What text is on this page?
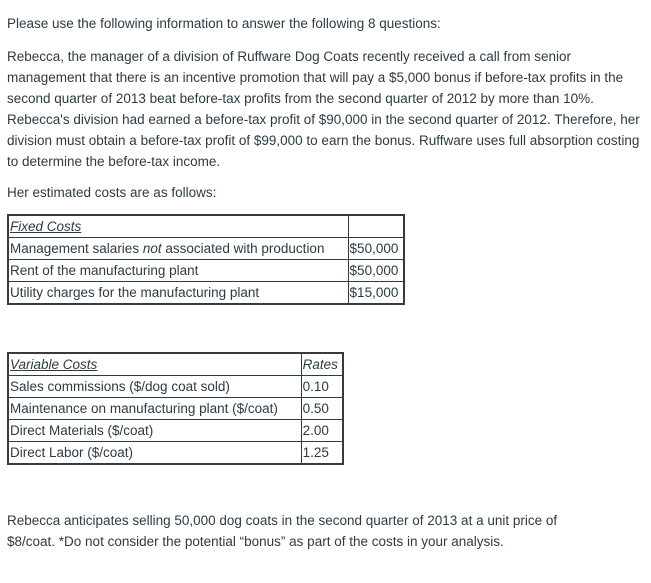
Please use the following information to answer the following 8 questions:

Rebecca, the manager of a division of Ruffware Dog Coats recently received a call from senior management that there is an incentive promotion that will pay a $5,000 bonus if before-tax profits in the second quarter of 2013 beat before-tax profits from the second quarter of 2012 by more than 10%. Rebecca's division had earned a before-tax profit of $90,000 in the second quarter of 2012. Therefore, her division must obtain a before-tax profit of $99,000 to earn the bonus. Ruffware uses full absorption costing to determine the before-tax income.

Her estimated costs are as follows:

Fixed Costs	
Management salaries not associated with production	$50,000
Rent of the manufacturing plant	$50,000
Utility charges for the manufacturing plant	$15,000
Variable Costs	Rates
Sales commissions ($/dog coat sold)	0.10
Maintenance on manufacturing plant ($/coat)	0.50
Direct Materials ($/coat)	2.00
Direct Labor ($/coat)	1.25

Rebecca anticipates selling 50,000 dog coats in the second quarter of 2013 at a unit price of $8/coat. *Do not consider the potential “bonus” as part of the costs in your analysis.
